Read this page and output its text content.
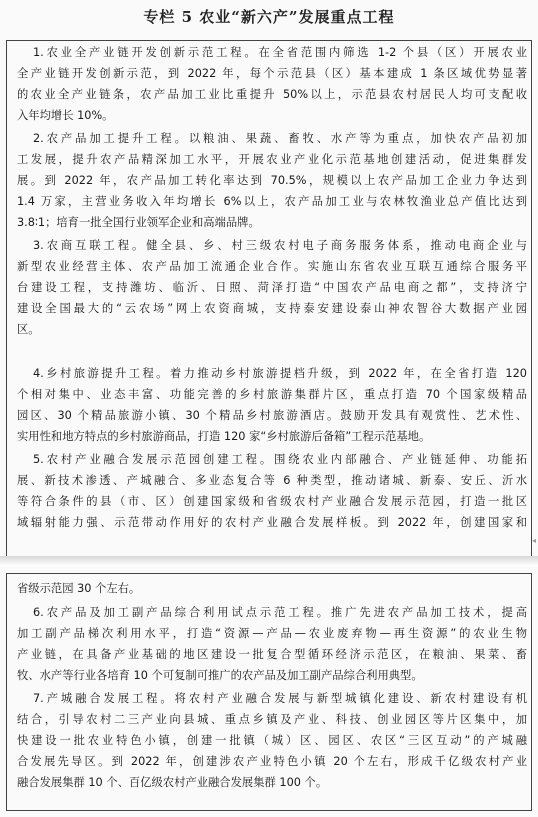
专栏 5 农业“新六产”发展重点工程
1.农业全产业链开发创新示范工程。在全省范围内筛选 1-2 个县（区）开展农业
全产业链开发创新示范，到 2022 年，每个示范县（区）基本建成 1 条区域优势显著
的农业全产业链条，农产品加工业比重提升 50%以上，示范县农村居民人均可支配收
入年均增长 10%。
2.农产品加工提升工程。以粮油、果蔬、畜牧、水产等为重点，加快农产品初加
工发展，提升农产品精深加工水平，开展农业产业化示范基地创建活动，促进集群发
展。到 2022 年，农产品加工转化率达到 70.5%，规模以上农产品加工企业力争达到
1.4 万家，主营业务收入年均增长 6%以上，农产品加工业与农林牧渔业总产值比达到
3.8∶1；培育一批全国行业领军企业和高端品牌。
3.农商互联工程。健全县、乡、村三级农村电子商务服务体系，推动电商企业与
新型农业经营主体、农产品加工流通企业合作。实施山东省农业互联互通综合服务平
台建设工程，支持潍坊、临沂、日照、菏泽打造“中国农产品电商之都”，支持济宁
建设全国最大的“云农场”网上农资商城，支持泰安建设泰山神农智谷大数据产业园
区。
4.乡村旅游提升工程。着力推动乡村旅游提档升级，到 2022 年，在全省打造 120
个相对集中、业态丰富、功能完善的乡村旅游集群片区，重点打造 70 个国家级精品
园区、30 个精品旅游小镇、30 个精品乡村旅游酒店。鼓励开发具有观赏性、艺术性、
实用性和地方特点的乡村旅游商品，打造 120 家“乡村旅游后备箱”工程示范基地。
5.农村产业融合发展示范园创建工程。围绕农业内部融合、产业链延伸、功能拓
展、新技术渗透、产城融合、多业态复合等 6 种类型，推动诸城、新泰、安丘、沂水
等符合条件的县（市、区）创建国家级和省级农村产业融合发展示范园，打造一批区
域辐射能力强、示范带动作用好的农村产业融合发展样板。到 2022 年，创建国家和
◂
省级示范园 30 个左右。
6.农产品及加工副产品综合利用试点示范工程。推广先进农产品加工技术，提高
加工副产品梯次利用水平，打造“资源—产品—农业废弃物—再生资源”的农业生物
产业链，在具备产业基础的地区建设一批复合型循环经济示范区，在粮油、果菜、畜
牧、水产等行业各培育 10 个可复制可推广的农产品及加工副产品综合利用典型。
7.产城融合发展工程。将农村产业融合发展与新型城镇化建设、新农村建设有机
结合，引导农村二三产业向县城、重点乡镇及产业、科技、创业园区等片区集中，加
快建设一批农业特色小镇，创建一批镇（城）区、园区、农区“三区互动”的产城融
合发展先导区。到 2022 年，创建涉农产业特色小镇 20 个左右，形成千亿级农村产业
融合发展集群 10 个、百亿级农村产业融合发展集群 100 个。
